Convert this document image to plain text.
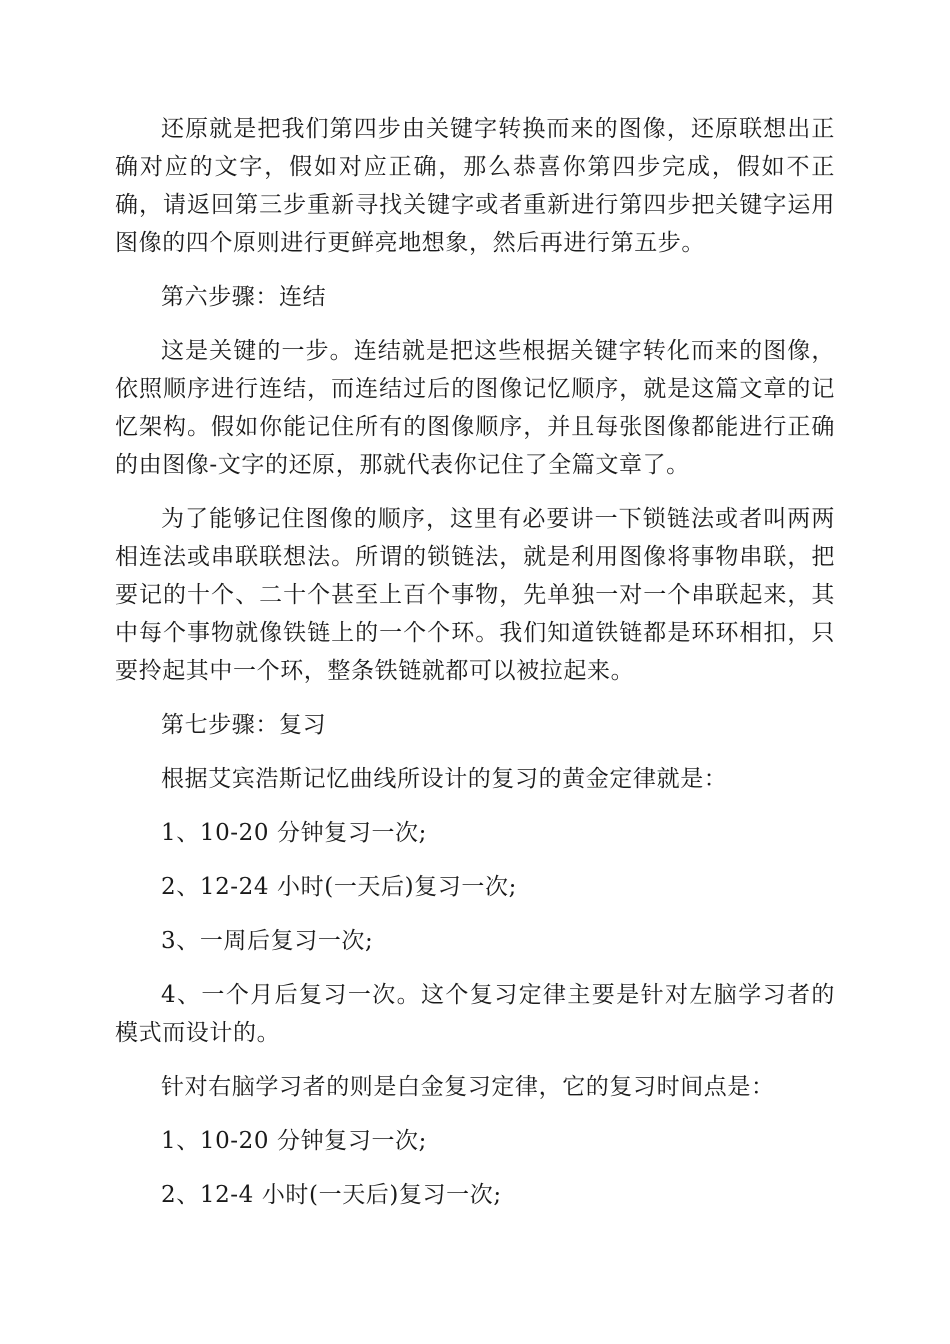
还原就是把我们第四步由关键字转换而来的图像，还原联想出正确对应的文字，假如对应正确，那么恭喜你第四步完成，假如不正确，请返回第三步重新寻找关键字或者重新进行第四步把关键字运用图像的四个原则进行更鲜亮地想象，然后再进行第五步。

第六步骤：连结

这是关键的一步。连结就是把这些根据关键字转化而来的图像，依照顺序进行连结，而连结过后的图像记忆顺序，就是这篇文章的记忆架构。假如你能记住所有的图像顺序，并且每张图像都能进行正确的由图像-文字的还原，那就代表你记住了全篇文章了。

为了能够记住图像的顺序，这里有必要讲一下锁链法或者叫两两相连法或串联联想法。所谓的锁链法，就是利用图像将事物串联，把要记的十个、二十个甚至上百个事物，先单独一对一个串联起来，其中每个事物就像铁链上的一个个环。我们知道铁链都是环环相扣，只要拎起其中一个环，整条铁链就都可以被拉起来。

第七步骤：复习

根据艾宾浩斯记忆曲线所设计的复习的黄金定律就是：

1、10-20 分钟复习一次;

2、12-24 小时(一天后)复习一次;

3、一周后复习一次;

4、一个月后复习一次。这个复习定律主要是针对左脑学习者的模式而设计的。

针对右脑学习者的则是白金复习定律，它的复习时间点是：

1、10-20 分钟复习一次;

2、12-4 小时(一天后)复习一次;
